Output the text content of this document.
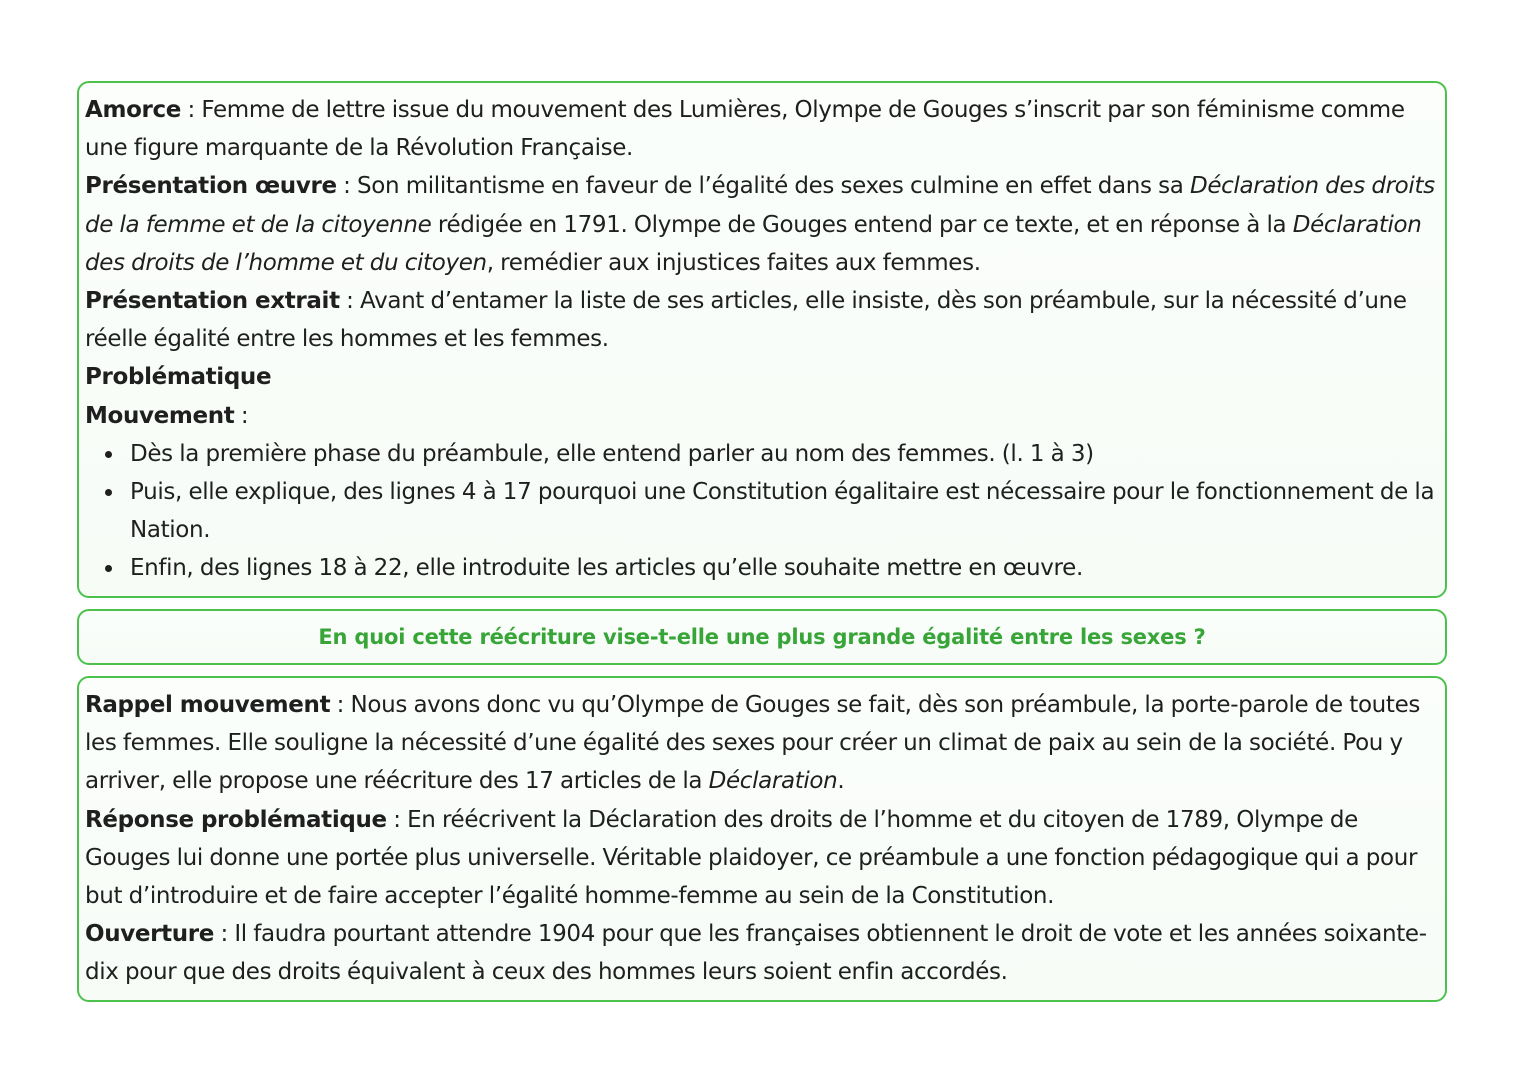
Amorce : Femme de lettre issue du mouvement des Lumières, Olympe de Gouges s’inscrit par son féminisme comme une figure marquante de la Révolution Française.

Présentation œuvre : Son militantisme en faveur de l’égalité des sexes culmine en effet dans sa Déclaration des droits de la femme et de la citoyenne rédigée en 1791. Olympe de Gouges entend par ce texte, et en réponse à la Déclaration des droits de l’homme et du citoyen, remédier aux injustices faites aux femmes.

Présentation extrait : Avant d’entamer la liste de ses articles, elle insiste, dès son préambule, sur la nécessité d’une réelle égalité entre les hommes et les femmes.

Problématique

Mouvement :

Dès la première phase du préambule, elle entend parler au nom des femmes. (l. 1 à 3)
Puis, elle explique, des lignes 4 à 17 pourquoi une Constitution égalitaire est nécessaire pour le fonctionnement de la Nation.
Enfin, des lignes 18 à 22, elle introduite les articles qu’elle souhaite mettre en œuvre.
En quoi cette réécriture vise-t-elle une plus grande égalité entre les sexes ?

Rappel mouvement : Nous avons donc vu qu’Olympe de Gouges se fait, dès son préambule, la porte-parole de toutes les femmes. Elle souligne la nécessité d’une égalité des sexes pour créer un climat de paix au sein de la société. Pou y arriver, elle propose une réécriture des 17 articles de la Déclaration.

Réponse problématique : En réécrivent la Déclaration des droits de l’homme et du citoyen de 1789, Olympe de Gouges lui donne une portée plus universelle. Véritable plaidoyer, ce préambule a une fonction pédagogique qui a pour but d’introduire et de faire accepter l’égalité homme-femme au sein de la Constitution.

Ouverture : Il faudra pourtant attendre 1904 pour que les françaises obtiennent le droit de vote et les années soixante-dix pour que des droits équivalent à ceux des hommes leurs soient enfin accordés.
